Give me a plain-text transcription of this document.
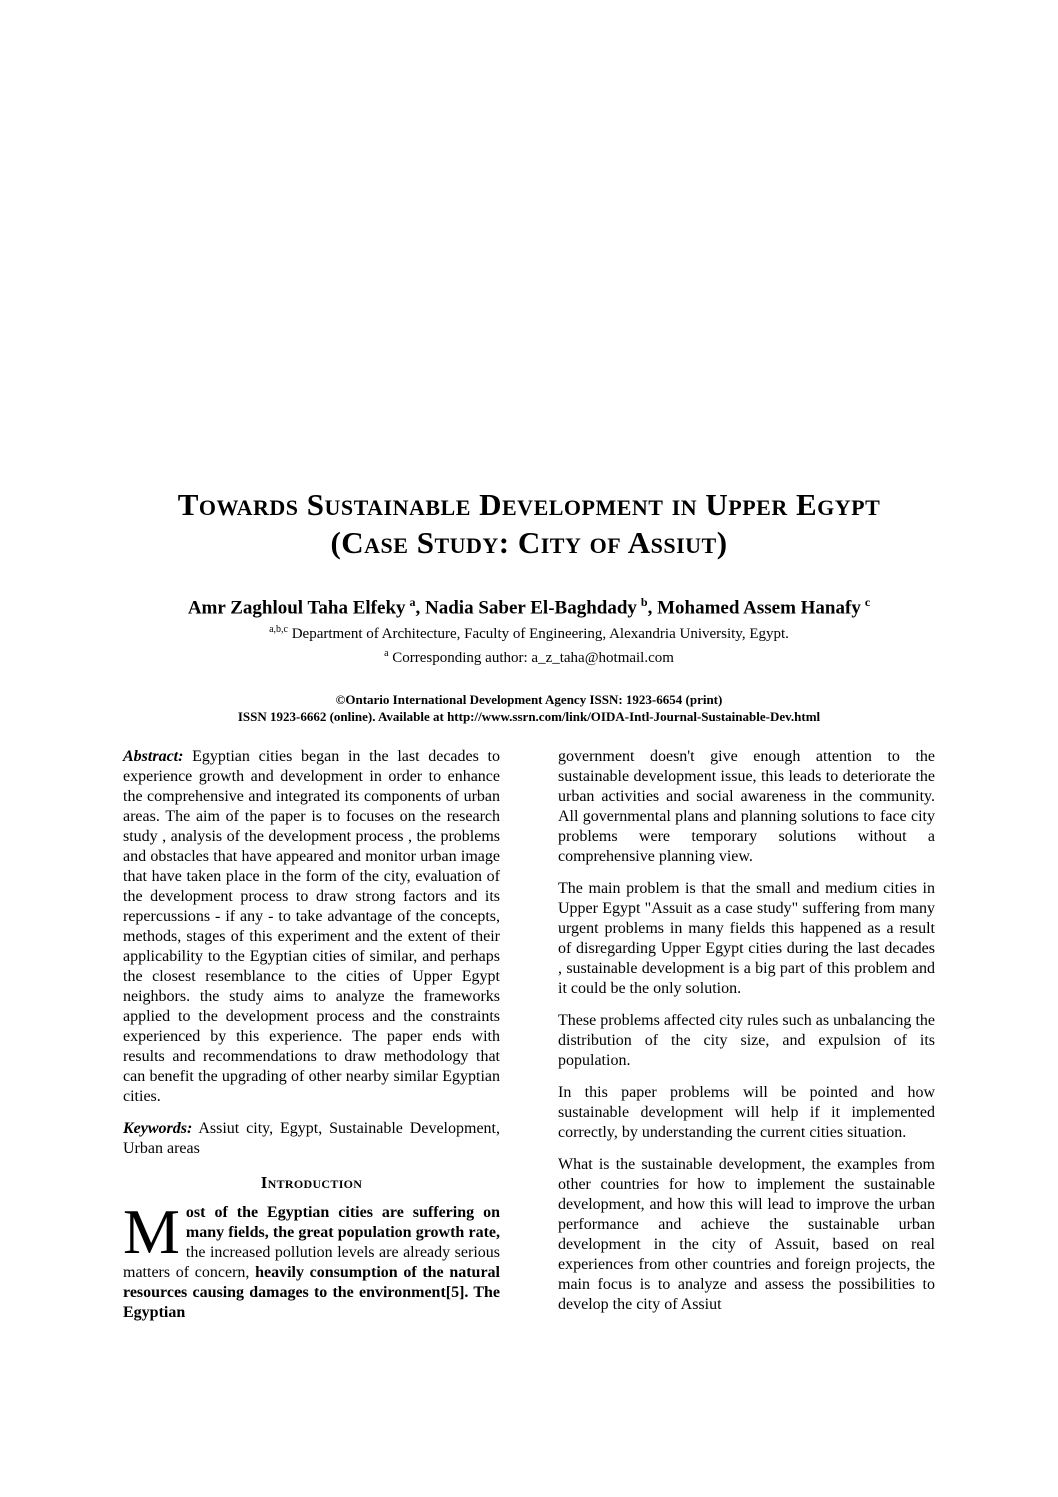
Towards Sustainable Development in Upper Egypt
(Case Study: City of Assiut)
Amr Zaghloul Taha Elfeky $^a$, Nadia Saber El-Baghdady $^b$, Mohamed Assem Hanafy $^c$
$^{a,b,c}$ Department of Architecture, Faculty of Engineering, Alexandria University, Egypt.
$^a$ Corresponding author: a_z_taha@hotmail.com
©Ontario International Development Agency ISSN: 1923-6654 (print)
ISSN 1923-6662 (online). Available at http://www.ssrn.com/link/OIDA-Intl-Journal-Sustainable-Dev.html

Abstract: Egyptian cities began in the last decades to experience growth and development in order to enhance the comprehensive and integrated its components of urban areas. The aim of the paper is to focuses on the research study , analysis of the development process , the problems and obstacles that have appeared and monitor urban image that have taken place in the form of the city, evaluation of the development process to draw strong factors and its repercussions - if any - to take advantage of the concepts, methods, stages of this experiment and the extent of their applicability to the Egyptian cities of similar, and perhaps the closest resemblance to the cities of Upper Egypt neighbors. the study aims to analyze the frameworks applied to the development process and the constraints experienced by this experience. The paper ends with results and recommendations to draw methodology that can benefit the upgrading of other nearby similar Egyptian cities.

Keywords: Assiut city, Egypt, Sustainable Development, Urban areas

Introduction

Most of the Egyptian cities are suffering on many fields, the great population growth rate, the increased pollution levels are already serious matters of concern, heavily consumption of the natural resources causing damages to the environment[5]. The Egyptian

government doesn't give enough attention to the sustainable development issue, this leads to deteriorate the urban activities and social awareness in the community. All governmental plans and planning solutions to face city problems were temporary solutions without a comprehensive planning view.

The main problem is that the small and medium cities in Upper Egypt "Assuit as a case study" suffering from many urgent problems in many fields this happened as a result of disregarding Upper Egypt cities during the last decades , sustainable development is a big part of this problem and it could be the only solution.

These problems affected city rules such as unbalancing the distribution of the city size, and expulsion of its population.

In this paper problems will be pointed and how sustainable development will help if it implemented correctly, by understanding the current cities situation.

What is the sustainable development, the examples from other countries for how to implement the sustainable development, and how this will lead to improve the urban performance and achieve the sustainable urban development in the city of Assuit, based on real experiences from other countries and foreign projects, the main focus is to analyze and assess the possibilities to develop the city of Assiut
